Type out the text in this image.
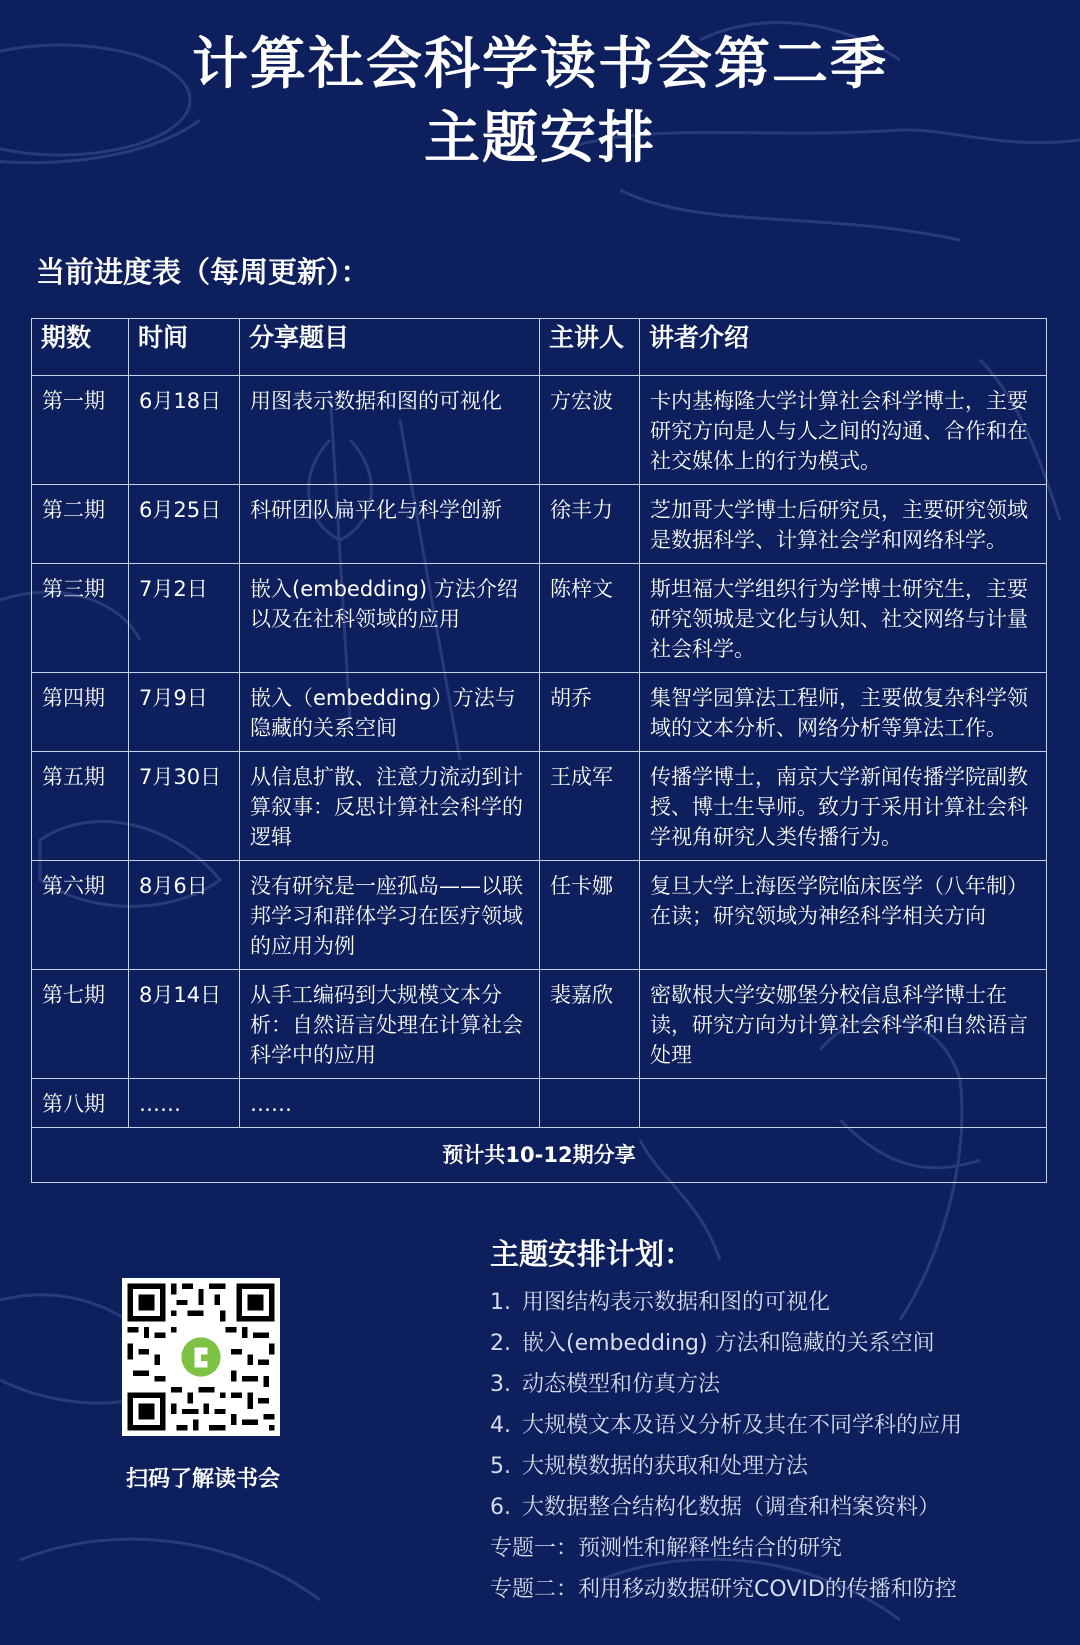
计算社会科学读书会第二季
主题安排
当前进度表（每周更新）：
期数	时间	分享题目	主讲人	讲者介绍
第一期	6月18日	用图表示数据和图的可视化	方宏波	卡内基梅隆大学计算社会科学博士，主要研究方向是人与人之间的沟通、合作和在社交媒体上的行为模式。
第二期	6月25日	科研团队扁平化与科学创新	徐丰力	芝加哥大学博士后研究员，主要研究领域是数据科学、计算社会学和网络科学。
第三期	7月2日	嵌入(embedding) 方法介绍以及在社科领域的应用	陈梓文	斯坦福大学组织行为学博士研究生，主要研究领城是文化与认知、社交网络与计量社会科学。
第四期	7月9日	嵌入（embedding）方法与隐藏的关系空间	胡乔	集智学园算法工程师，主要做复杂科学领域的文本分析、网络分析等算法工作。
第五期	7月30日	从信息扩散、注意力流动到计算叙事：反思计算社会科学的逻辑	王成军	传播学博士，南京大学新闻传播学院副教授、博士生导师。致力于采用计算社会科学视角研究人类传播行为。
第六期	8月6日	没有研究是一座孤岛——以联邦学习和群体学习在医疗领域的应用为例	任卡娜	复旦大学上海医学院临床医学（八年制）在读；研究领域为神经科学相关方向
第七期	8月14日	从手工编码到大规模文本分析：自然语言处理在计算社会科学中的应用	裴嘉欣	密歇根大学安娜堡分校信息科学博士在读，研究方向为计算社会科学和自然语言处理
第八期	……	……		
预计共10-12期分享				
主题安排计划：
1. 用图结构表示数据和图的可视化
2. 嵌入(embedding) 方法和隐藏的关系空间
3. 动态模型和仿真方法
4. 大规模文本及语义分析及其在不同学科的应用
5. 大规模数据的获取和处理方法
6. 大数据整合结构化数据（调查和档案资料）
专题一：预测性和解释性结合的研究
专题二：利用移动数据研究COVID的传播和防控
扫码了解读书会
